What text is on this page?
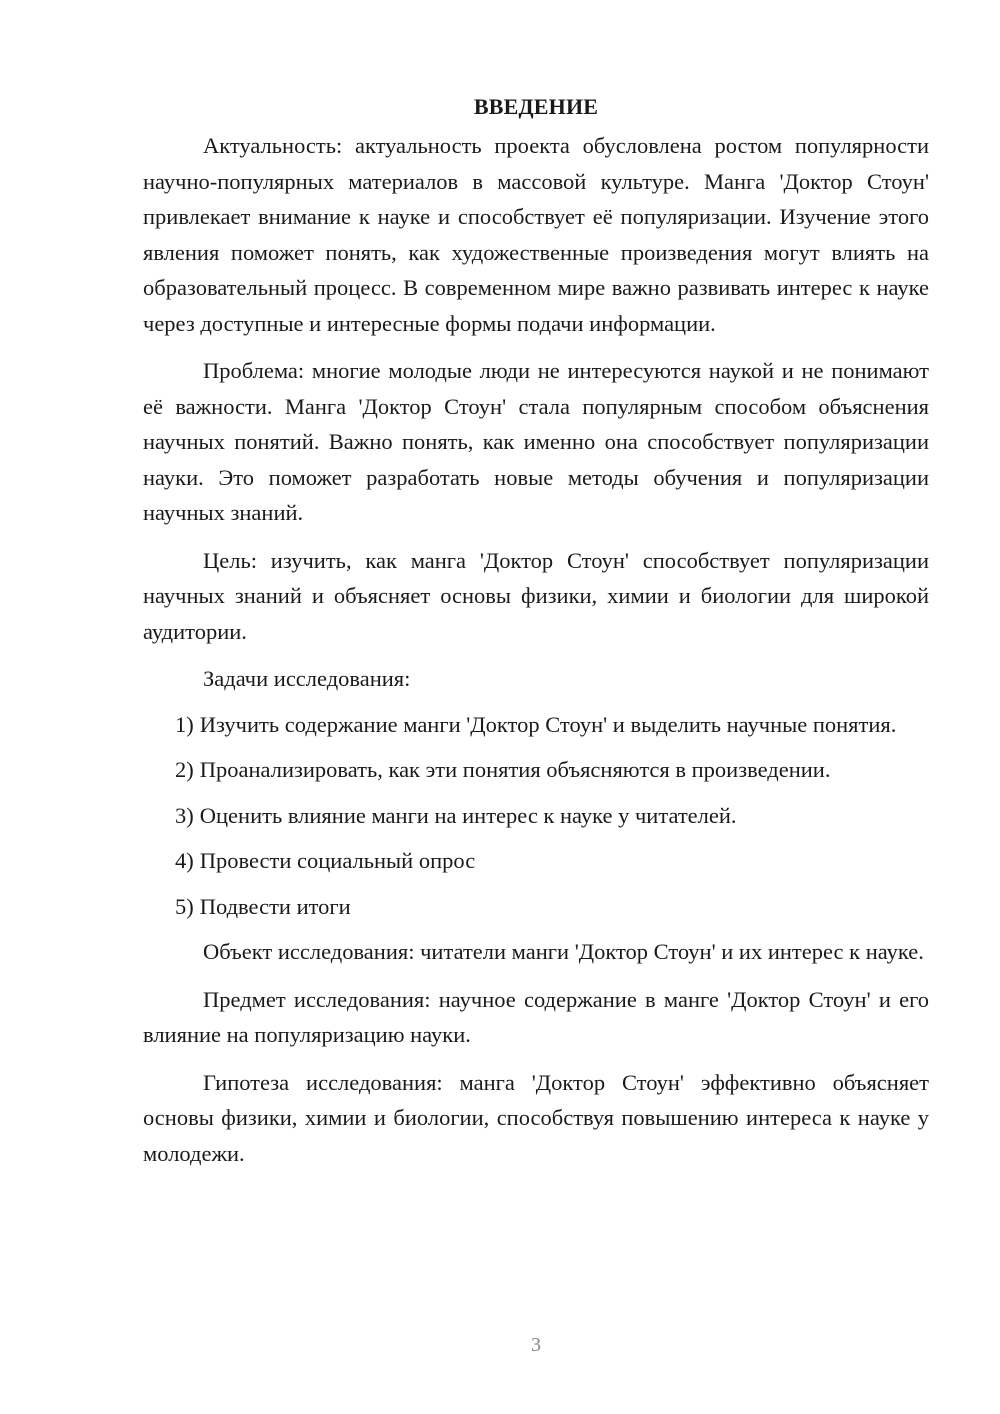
ВВЕДЕНИЕ

Актуальность: актуальность проекта обусловлена ростом популярности научно-популярных материалов в массовой культуре. Манга 'Доктор Стоун' привлекает внимание к науке и способствует её популяризации. Изучение этого явления поможет понять, как художественные произведения могут влиять на образовательный процесс. В современном мире важно развивать интерес к науке через доступные и интересные формы подачи информации.

Проблема: многие молодые люди не интересуются наукой и не понимают её важности. Манга 'Доктор Стоун' стала популярным способом объяснения научных понятий. Важно понять, как именно она способствует популяризации науки. Это поможет разработать новые методы обучения и популяризации научных знаний.

Цель: изучить, как манга 'Доктор Стоун' способствует популяризации научных знаний и объясняет основы физики, химии и биологии для широкой аудитории.

Задачи исследования:

1) Изучить содержание манги 'Доктор Стоун' и выделить научные понятия.

2) Проанализировать, как эти понятия объясняются в произведении.

3) Оценить влияние манги на интерес к науке у читателей.

4) Провести социальный опрос

5) Подвести итоги

Объект исследования: читатели манги 'Доктор Стоун' и их интерес к науке.

Предмет исследования: научное содержание в манге 'Доктор Стоун' и его влияние на популяризацию науки.

Гипотеза исследования: манга 'Доктор Стоун' эффективно объясняет основы физики, химии и биологии, способствуя повышению интереса к науке у молодежи.

3
